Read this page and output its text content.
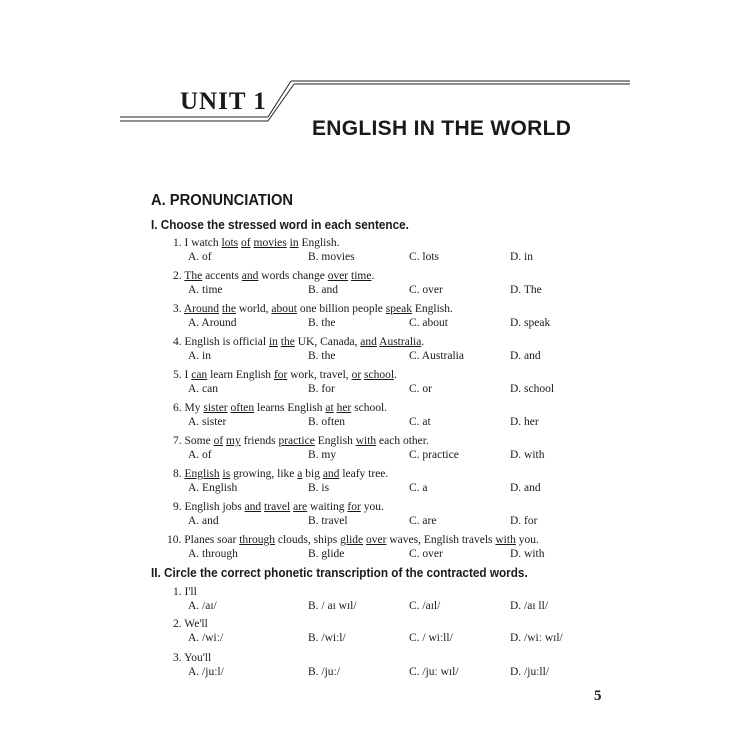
UNIT 1
ENGLISH IN THE WORLD
A. PRONUNCIATION
I. Choose the stressed word in each sentence.
II. Circle the correct phonetic transcription of the contracted words.
1. I watch lots of movies in English.
A. of	B. movies	C. lots	D. in
2. The accents and words change over time.
A. time	B. and	C. over	D. The
3. Around the world, about one billion people speak English.
A. Around	B. the	C. about	D. speak
4. English is official in the UK, Canada, and Australia.
A. in	B. the	C. Australia	D. and
5. I can learn English for work, travel, or school.
A. can	B. for	C. or	D. school
6. My sister often learns English at her school.
A. sister	B. often	C. at	D. her
7. Some of my friends practice English with each other.
A. of	B. my	C. practice	D. with
8. English is growing, like a big and leafy tree.
A. English	B. is	C. a	D. and
9. English jobs and travel are waiting for you.
A. and	B. travel	C. are	D. for
10. Planes soar through clouds, ships glide over waves, English travels with you.
A. through	B. glide	C. over	D. with
1. I'll
A. /aɪ/	B. / aɪ wɪl/	C. /aɪl/	D. /aɪ ll/
2. We'll
A. /wiː/	B. /wiːl/	C. / wiːll/	D. /wiː wɪl/
3. You'll
A. /juːl/	B. /juː/	C. /juː wɪl/	D. /juːll/
5
